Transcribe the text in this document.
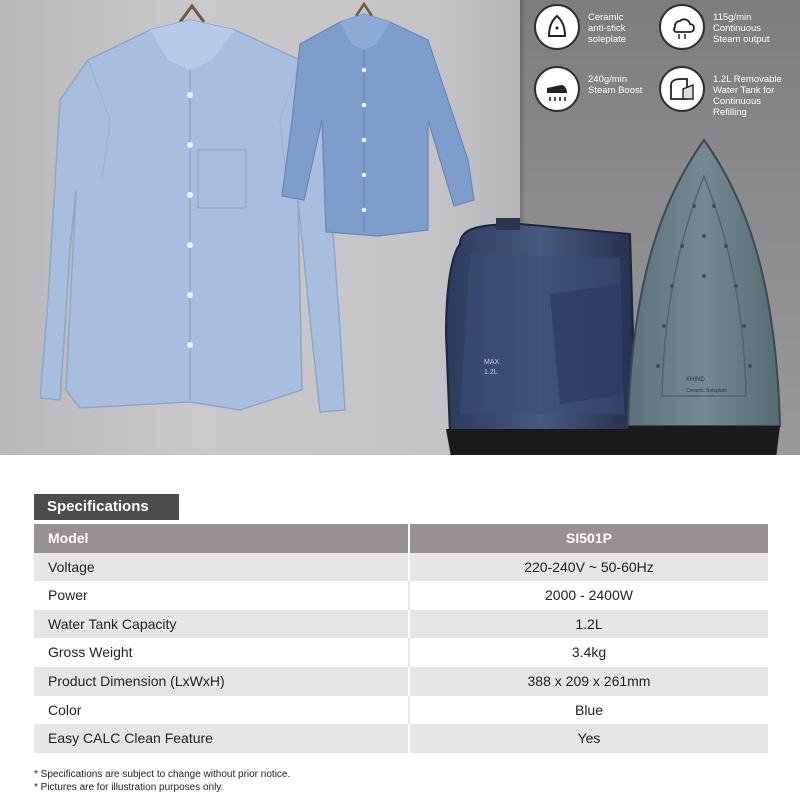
Ceramic
anti-stick
soleplate
115g/min
Continuous
Steam output
240g/min
Steam Boost
1.2L Removable
Water Tank for
Continuous
Refilling
MAX
1.2L
KHIND
Ceramic Soleplate
Specifications
Model	SI501P
Voltage	220-240V ~ 50-60Hz
Power	2000 - 2400W
Water Tank Capacity	1.2L
Gross Weight	3.4kg
Product Dimension (LxWxH)	388 x 209 x 261mm
Color	Blue
Easy CALC Clean Feature	Yes
* Specifications are subject to change without prior notice.
* Pictures are for illustration purposes only.
